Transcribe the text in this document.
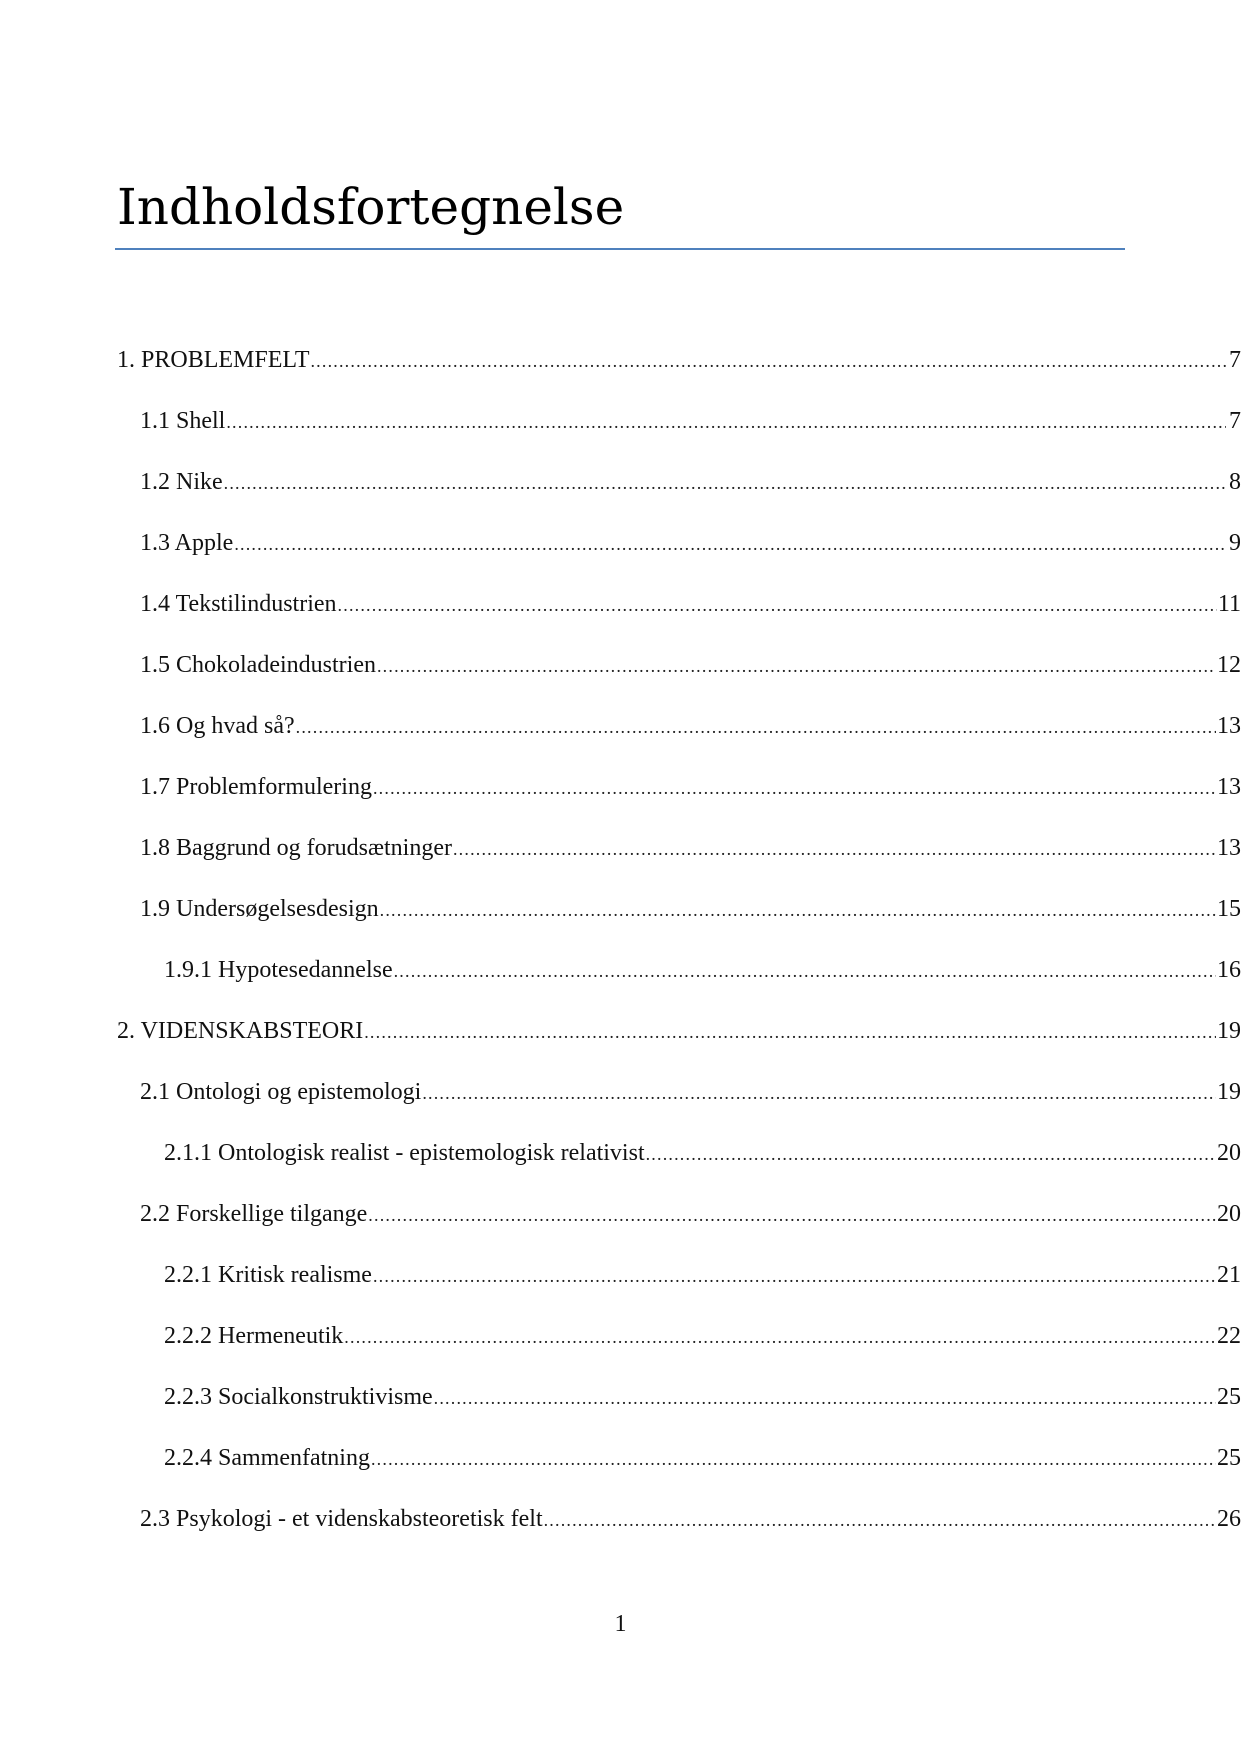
Indholdsfortegnelse
1. PROBLEMFELT .....	7
1.1 Shell .....	7
1.2 Nike .....	8
1.3 Apple .....	9
1.4 Tekstilindustrien .....	11
1.5 Chokoladeindustrien .....	12
1.6 Og hvad så? .....	13
1.7 Problemformulering .....	13
1.8 Baggrund og forudsætninger .....	13
1.9 Undersøgelsesdesign .....	15
1.9.1 Hypotesedannelse .....	16
2. VIDENSKABSTEORI .....	19
2.1 Ontologi og epistemologi .....	19
2.1.1 Ontologisk realist - epistemologisk relativist .....	20
2.2 Forskellige tilgange .....	20
2.2.1 Kritisk realisme .....	21
2.2.2 Hermeneutik .....	22
2.2.3 Socialkonstruktivisme .....	25
2.2.4 Sammenfatning .....	25
2.3 Psykologi - et videnskabsteoretisk felt .....	26
1
